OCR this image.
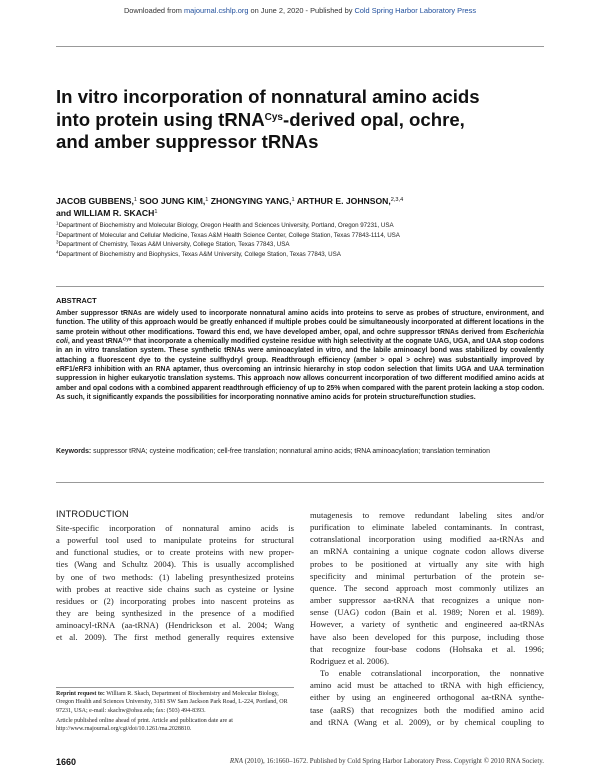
Downloaded from majournal.cshlp.org on June 2, 2020 - Published by Cold Spring Harbor Laboratory Press
In vitro incorporation of nonnatural amino acids
into protein using tRNA$^{Cys}$-derived opal, ochre,
and amber suppressor tRNAs
JACOB GUBBENS,$^1$ SOO JUNG KIM,$^1$ ZHONGYING YANG,$^1$ ARTHUR E. JOHNSON,$^{2,3,4}$
and WILLIAM R. SKACH$^1$
$^1$Department of Biochemistry and Molecular Biology, Oregon Health and Sciences University, Portland, Oregon 97231, USA
$^2$Department of Molecular and Cellular Medicine, Texas A&M Health Science Center, College Station, Texas 77843-1114, USA
$^3$Department of Chemistry, Texas A&M University, College Station, Texas 77843, USA
$^4$Department of Biochemistry and Biophysics, Texas A&M University, College Station, Texas 77843, USA
ABSTRACT
Amber suppressor tRNAs are widely used to incorporate nonnatural amino acids into proteins to serve as probes of structure, environment, and function. The utility of this approach would be greatly enhanced if multiple probes could be simultaneously incorporated at different locations in the same protein without other modifications. Toward this end, we have developed amber, opal, and ochre suppressor tRNAs derived from Escherichia coli, and yeast tRNA$^{Cys}$ that incorporate a chemically modified cysteine residue with high selectivity at the cognate UAG, UGA, and UAA stop codons in an in vitro translation system. These synthetic tRNAs were aminoacylated in vitro, and the labile aminoacyl bond was stabilized by covalently attaching a fluorescent dye to the cysteine sulfhydryl group. Readthrough efficiency (amber > opal > ochre) was substantially improved by eRF1/eRF3 inhibition with an RNA aptamer, thus overcoming an intrinsic hierarchy in stop codon selection that limits UGA and UAA termination suppression in higher eukaryotic translation systems. This approach now allows concurrent incorporation of two different modified amino acids at amber and opal codons with a combined apparent readthrough efficiency of up to 25% when compared with the parent protein lacking a stop codon. As such, it significantly expands the possibilities for incorporating nonnative amino acids for protein structure/function studies.
Keywords: suppressor tRNA; cysteine modification; cell-free translation; nonnatural amino acids; tRNA aminoacylation; translation termination
INTRODUCTION
Site-specific incorporation of nonnatural amino acids is
a powerful tool used to manipulate proteins for structural
and functional studies, or to create proteins with new proper-
ties (Wang and Schultz 2004). This is usually accomplished
by one of two methods: (1) labeling presynthesized proteins
with probes at reactive side chains such as cysteine or lysine
residues or (2) incorporating probes into nascent proteins as
they are being synthesized in the presence of a modified
aminoacyl-tRNA (aa-tRNA) (Hendrickson et al. 2004; Wang
et al. 2009). The first method generally requires extensive
mutagenesis to remove redundant labeling sites and/or
purification to eliminate labeled contaminants. In contrast,
cotranslational incorporation using modified aa-tRNAs and
an mRNA containing a unique cognate codon allows diverse
probes to be positioned at virtually any site with high
specificity and minimal perturbation of the protein se-
quence. The second approach most commonly utilizes an
amber suppressor aa-tRNA that recognizes a unique non-
sense (UAG) codon (Bain et al. 1989; Noren et al. 1989).
However, a variety of synthetic and engineered aa-tRNAs
have also been developed for this purpose, including those
that recognize four-base codons (Hohsaka et al. 1996;
Rodriguez et al. 2006).
To enable cotranslational incorporation, the nonnative
amino acid must be attached to tRNA with high efficiency,
either by using an engineered orthogonal aa-tRNA synthe-
tase (aaRS) that recognizes both the modified amino acid
and tRNA (Wang et al. 2009), or by chemical coupling to
Reprint request to: William R. Skach, Department of Biochemistry and Molecular Biology, Oregon Health and Sciences University, 3181 SW Sam Jackson Park Road, L-224, Portland, OR 97231, USA; e-mail: skachw@ohsu.edu; fax: (503) 494-8393.
Article published online ahead of print. Article and publication date are at http://www.rnajournal.org/cgi/doi/10.1261/rna.2028810.
1660	RNA (2010), 16:1660–1672. Published by Cold Spring Harbor Laboratory Press. Copyright © 2010 RNA Society.
